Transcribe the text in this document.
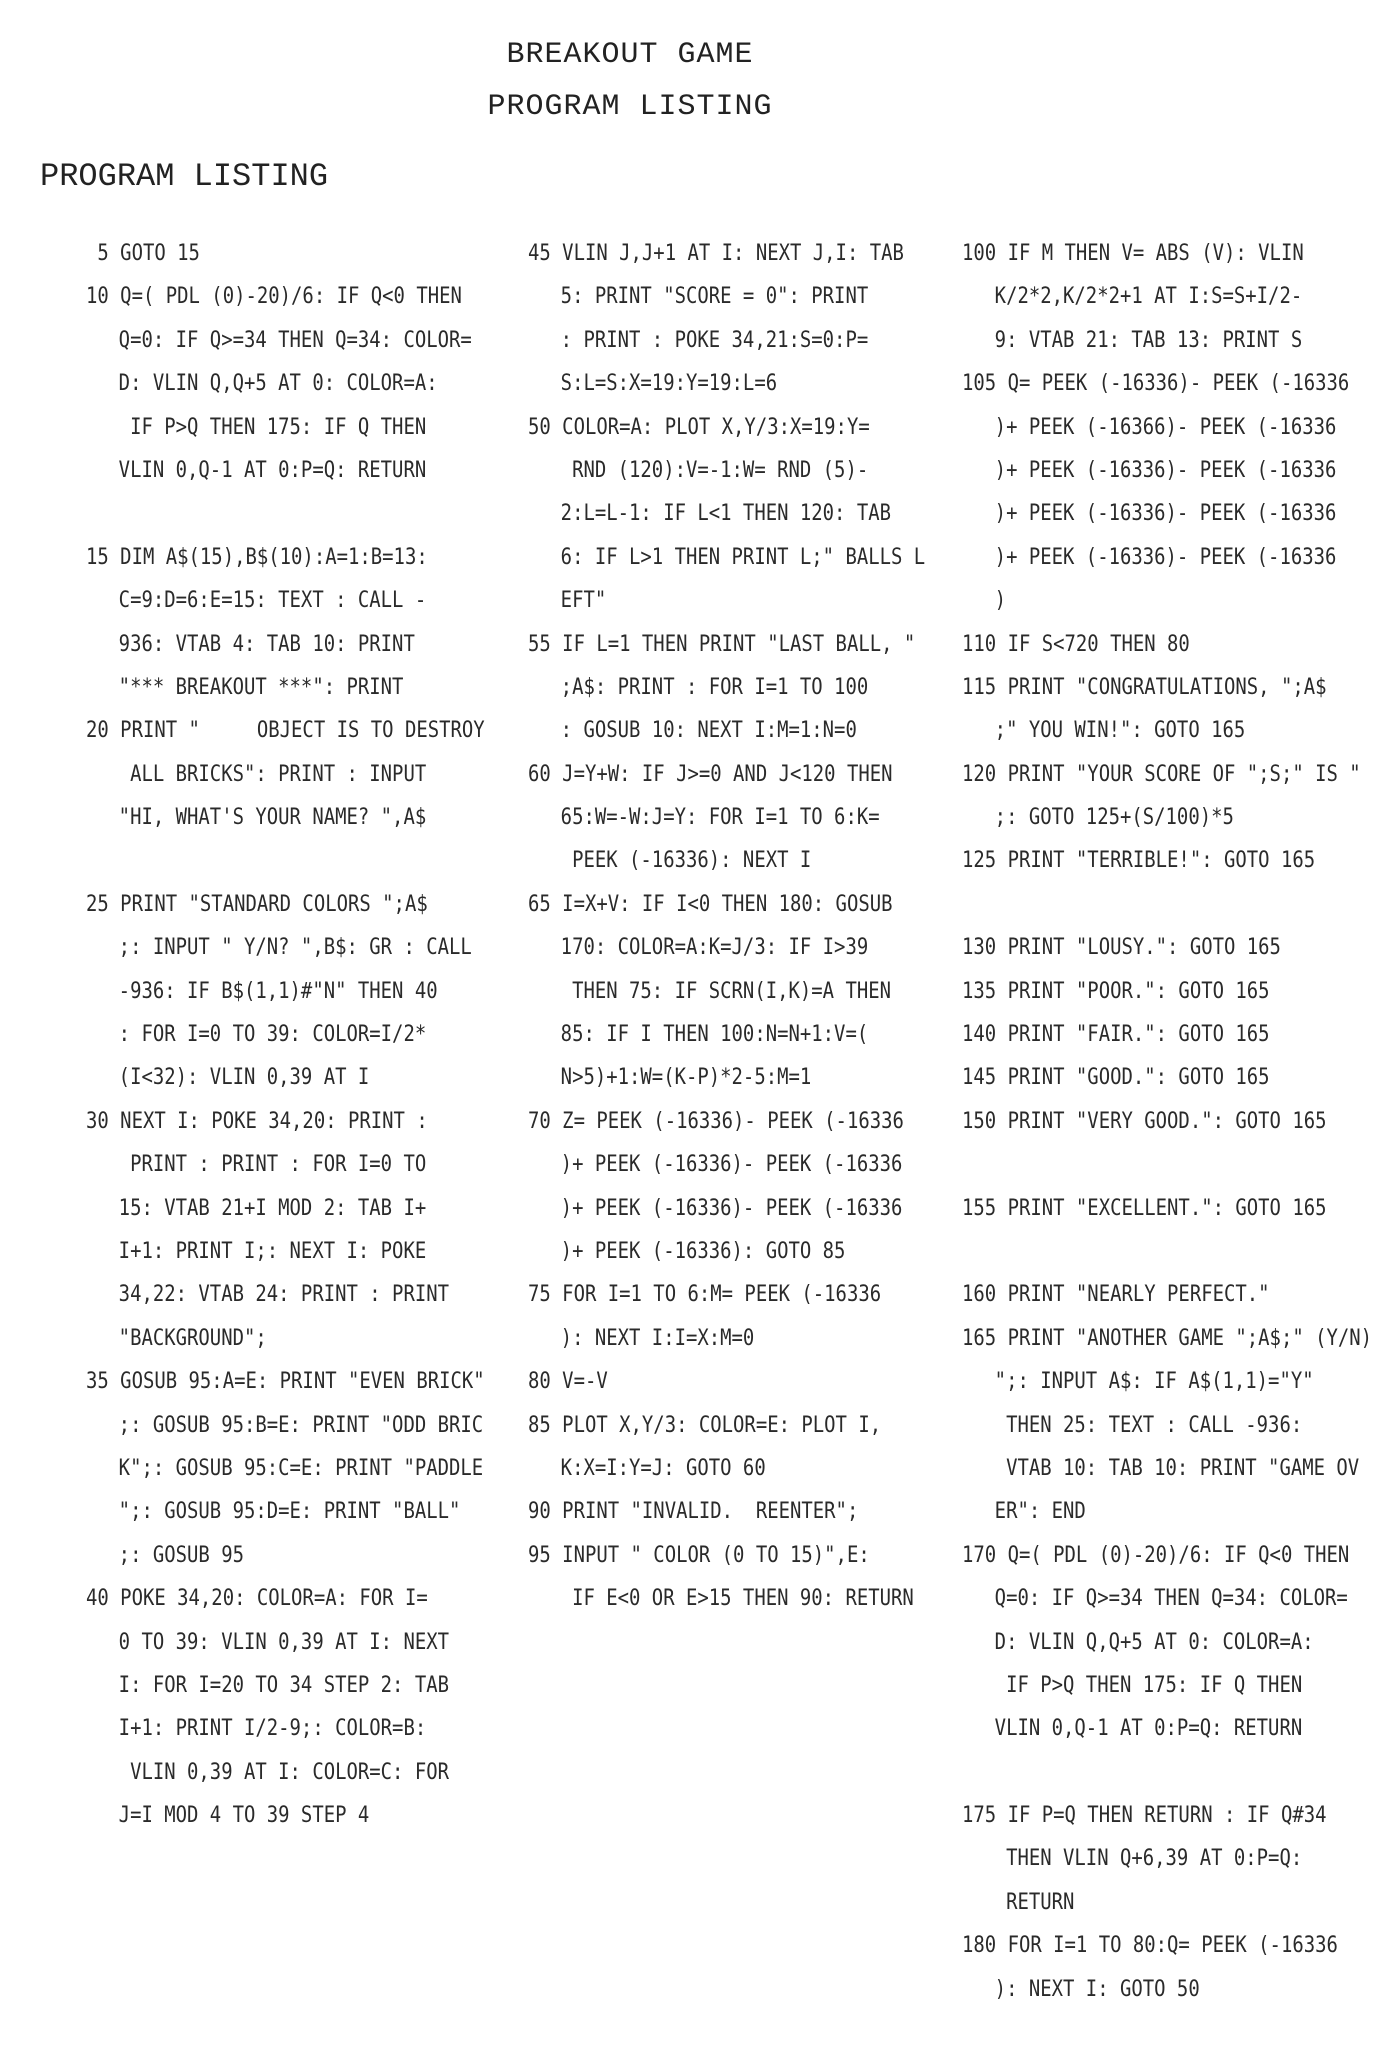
BREAKOUT GAME
PROGRAM LISTING
PROGRAM LISTING
5 GOTO 15
10 Q=( PDL (0)-20)/6: IF Q<0 THEN
Q=0: IF Q>=34 THEN Q=34: COLOR=
D: VLIN Q,Q+5 AT 0: COLOR=A:
IF P>Q THEN 175: IF Q THEN
VLIN 0,Q-1 AT 0:P=Q: RETURN
15 DIM A$(15),B$(10):A=1:B=13:
C=9:D=6:E=15: TEXT : CALL -
936: VTAB 4: TAB 10: PRINT
"*** BREAKOUT ***": PRINT
20 PRINT "     OBJECT IS TO DESTROY
ALL BRICKS": PRINT : INPUT
"HI, WHAT'S YOUR NAME? ",A$
25 PRINT "STANDARD COLORS ";A$
;: INPUT " Y/N? ",B$: GR : CALL
-936: IF B$(1,1)#"N" THEN 40
: FOR I=0 TO 39: COLOR=I/2*
(I<32): VLIN 0,39 AT I
30 NEXT I: POKE 34,20: PRINT :
PRINT : PRINT : FOR I=0 TO
15: VTAB 21+I MOD 2: TAB I+
I+1: PRINT I;: NEXT I: POKE
34,22: VTAB 24: PRINT : PRINT
"BACKGROUND";
35 GOSUB 95:A=E: PRINT "EVEN BRICK"
;: GOSUB 95:B=E: PRINT "ODD BRIC
K";: GOSUB 95:C=E: PRINT "PADDLE
";: GOSUB 95:D=E: PRINT "BALL"
;: GOSUB 95
40 POKE 34,20: COLOR=A: FOR I=
0 TO 39: VLIN 0,39 AT I: NEXT
I: FOR I=20 TO 34 STEP 2: TAB
I+1: PRINT I/2-9;: COLOR=B:
VLIN 0,39 AT I: COLOR=C: FOR
J=I MOD 4 TO 39 STEP 4
45 VLIN J,J+1 AT I: NEXT J,I: TAB
5: PRINT "SCORE = 0": PRINT
: PRINT : POKE 34,21:S=0:P=
S:L=S:X=19:Y=19:L=6
50 COLOR=A: PLOT X,Y/3:X=19:Y=
RND (120):V=-1:W= RND (5)-
2:L=L-1: IF L<1 THEN 120: TAB
6: IF L>1 THEN PRINT L;" BALLS L
EFT"
55 IF L=1 THEN PRINT "LAST BALL, "
;A$: PRINT : FOR I=1 TO 100
: GOSUB 10: NEXT I:M=1:N=0
60 J=Y+W: IF J>=0 AND J<120 THEN
65:W=-W:J=Y: FOR I=1 TO 6:K=
PEEK (-16336): NEXT I
65 I=X+V: IF I<0 THEN 180: GOSUB
170: COLOR=A:K=J/3: IF I>39
THEN 75: IF SCRN(I,K)=A THEN
85: IF I THEN 100:N=N+1:V=(
N>5)+1:W=(K-P)*2-5:M=1
70 Z= PEEK (-16336)- PEEK (-16336
)+ PEEK (-16336)- PEEK (-16336
)+ PEEK (-16336)- PEEK (-16336
)+ PEEK (-16336): GOTO 85
75 FOR I=1 TO 6:M= PEEK (-16336
): NEXT I:I=X:M=0
80 V=-V
85 PLOT X,Y/3: COLOR=E: PLOT I,
K:X=I:Y=J: GOTO 60
90 PRINT "INVALID.  REENTER";
95 INPUT " COLOR (0 TO 15)",E:
IF E<0 OR E>15 THEN 90: RETURN
100 IF M THEN V= ABS (V): VLIN
K/2*2,K/2*2+1 AT I:S=S+I/2-
9: VTAB 21: TAB 13: PRINT S
105 Q= PEEK (-16336)- PEEK (-16336
)+ PEEK (-16366)- PEEK (-16336
)+ PEEK (-16336)- PEEK (-16336
)+ PEEK (-16336)- PEEK (-16336
)+ PEEK (-16336)- PEEK (-16336
)
110 IF S<720 THEN 80
115 PRINT "CONGRATULATIONS, ";A$
;" YOU WIN!": GOTO 165
120 PRINT "YOUR SCORE OF ";S;" IS "
;: GOTO 125+(S/100)*5
125 PRINT "TERRIBLE!": GOTO 165
130 PRINT "LOUSY.": GOTO 165
135 PRINT "POOR.": GOTO 165
140 PRINT "FAIR.": GOTO 165
145 PRINT "GOOD.": GOTO 165
150 PRINT "VERY GOOD.": GOTO 165
155 PRINT "EXCELLENT.": GOTO 165
160 PRINT "NEARLY PERFECT."
165 PRINT "ANOTHER GAME ";A$;" (Y/N)
";: INPUT A$: IF A$(1,1)="Y"
THEN 25: TEXT : CALL -936:
VTAB 10: TAB 10: PRINT "GAME OV
ER": END
170 Q=( PDL (0)-20)/6: IF Q<0 THEN
Q=0: IF Q>=34 THEN Q=34: COLOR=
D: VLIN Q,Q+5 AT 0: COLOR=A:
IF P>Q THEN 175: IF Q THEN
VLIN 0,Q-1 AT 0:P=Q: RETURN
175 IF P=Q THEN RETURN : IF Q#34
THEN VLIN Q+6,39 AT 0:P=Q:
RETURN
180 FOR I=1 TO 80:Q= PEEK (-16336
): NEXT I: GOTO 50
